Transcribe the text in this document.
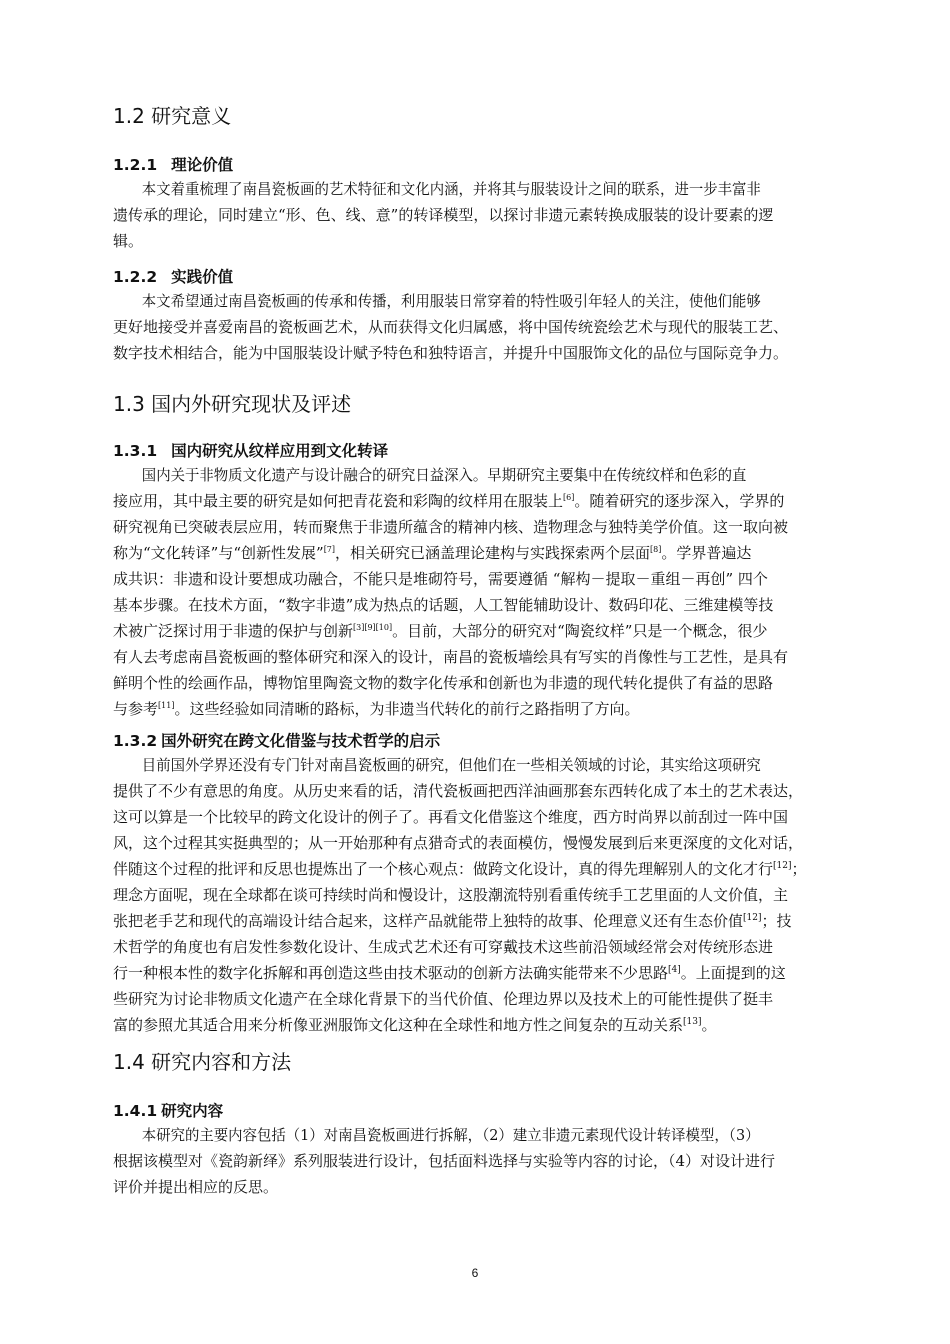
1.2 研究意义
1.2.1 理论价值

本文着重梳理了南昌瓷板画的艺术特征和文化内涵，并将其与服装设计之间的联系，进一步丰富非
遗传承的理论，同时建立“形、色、线、意”的转译模型，以探讨非遗元素转换成服装的设计要素的逻
辑。

1.2.2 实践价值

本文希望通过南昌瓷板画的传承和传播，利用服装日常穿着的特性吸引年轻人的关注，使他们能够
更好地接受并喜爱南昌的瓷板画艺术，从而获得文化归属感，将中国传统瓷绘艺术与现代的服装工艺、
数字技术相结合，能为中国服装设计赋予特色和独特语言，并提升中国服饰文化的品位与国际竞争力。

1.3 国内外研究现状及评述
1.3.1 国内研究从纹样应用到文化转译

国内关于非物质文化遗产与设计融合的研究日益深入。早期研究主要集中在传统纹样和色彩的直
接应用，其中最主要的研究是如何把青花瓷和彩陶的纹样用在服装上[6]。随着研究的逐步深入，学界的
研究视角已突破表层应用，转而聚焦于非遗所蕴含的精神内核、造物理念与独特美学价值。这一取向被
称为“文化转译”与“创新性发展”[7]，相关研究已涵盖理论建构与实践探索两个层面[8]。学界普遍达
成共识：非遗和设计要想成功融合，不能只是堆砌符号，需要遵循 “解构－提取－重组－再创” 四个
基本步骤。在技术方面，“数字非遗”成为热点的话题，人工智能辅助设计、数码印花、三维建模等技
术被广泛探讨用于非遗的保护与创新[3][9][10]。目前，大部分的研究对“陶瓷纹样”只是一个概念，很少
有人去考虑南昌瓷板画的整体研究和深入的设计，南昌的瓷板墙绘具有写实的肖像性与工艺性，是具有
鲜明个性的绘画作品，博物馆里陶瓷文物的数字化传承和创新也为非遗的现代转化提供了有益的思路
与参考[11]。这些经验如同清晰的路标，为非遗当代转化的前行之路指明了方向。

1.3.2 国外研究在跨文化借鉴与技术哲学的启示

目前国外学界还没有专门针对南昌瓷板画的研究，但他们在一些相关领域的讨论，其实给这项研究
提供了不少有意思的角度。从历史来看的话，清代瓷板画把西洋油画那套东西转化成了本土的艺术表达，
这可以算是一个比较早的跨文化设计的例子了。再看文化借鉴这个维度，西方时尚界以前刮过一阵中国
风，这个过程其实挺典型的；从一开始那种有点猎奇式的表面模仿，慢慢发展到后来更深度的文化对话，
伴随这个过程的批评和反思也提炼出了一个核心观点：做跨文化设计，真的得先理解别人的文化才行[12]；
理念方面呢，现在全球都在谈可持续时尚和慢设计，这股潮流特别看重传统手工艺里面的人文价值，主
张把老手艺和现代的高端设计结合起来，这样产品就能带上独特的故事、伦理意义还有生态价值[12]；技
术哲学的角度也有启发性参数化设计、生成式艺术还有可穿戴技术这些前沿领域经常会对传统形态进
行一种根本性的数字化拆解和再创造这些由技术驱动的创新方法确实能带来不少思路[4]。上面提到的这
些研究为讨论非物质文化遗产在全球化背景下的当代价值、伦理边界以及技术上的可能性提供了挺丰
富的参照尤其适合用来分析像亚洲服饰文化这种在全球性和地方性之间复杂的互动关系[13]。

1.4 研究内容和方法
1.4.1 研究内容

本研究的主要内容包括（1）对南昌瓷板画进行拆解，（2）建立非遗元素现代设计转译模型，（3）
根据该模型对《瓷韵新绎》系列服装进行设计，包括面料选择与实验等内容的讨论，（4）对设计进行
评价并提出相应的反思。

6
